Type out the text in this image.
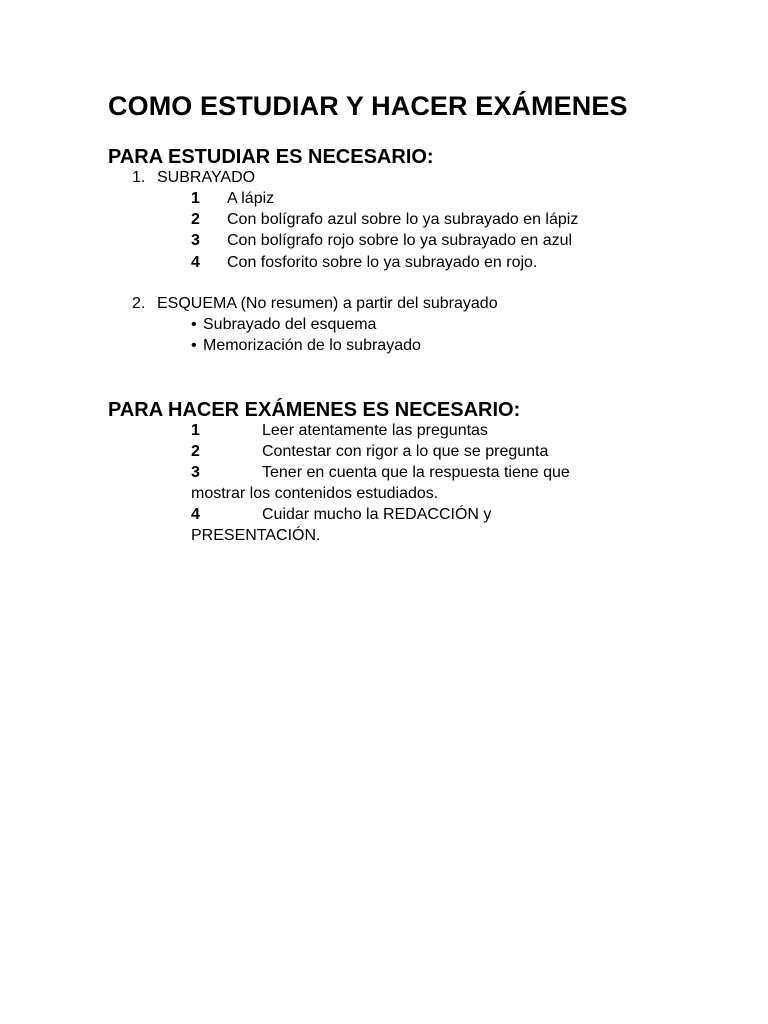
COMO ESTUDIAR Y HACER EXÁMENES
PARA ESTUDIAR ES NECESARIO:
1. SUBRAYADO
1 A lápiz
2 Con bolígrafo azul sobre lo ya subrayado en lápiz
3 Con bolígrafo rojo sobre lo ya subrayado en azul
4 Con fosforito sobre lo ya subrayado en rojo.
2. ESQUEMA (No resumen) a partir del subrayado
• Subrayado del esquema
• Memorización de lo subrayado
PARA HACER EXÁMENES ES NECESARIO:
1	Leer atentamente las preguntas
2	Contestar con rigor a lo que se pregunta
3	Tener en cuenta que la respuesta tiene que
mostrar los contenidos estudiados.
4	Cuidar mucho la REDACCIÓN y
PRESENTACIÓN.
